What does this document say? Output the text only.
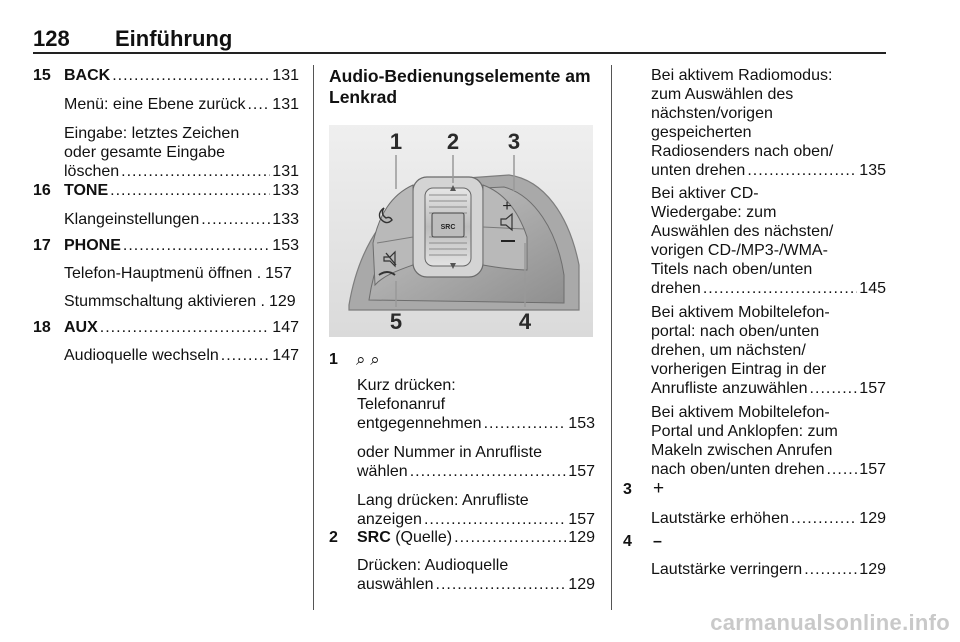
128 Einführung
15 BACK .....	131
Menü: eine Ebene zurück ..... 131
Eingabe: letztes Zeichen
oder gesamte Eingabe
löschen .....	131
16 TONE .....	133
Klangeinstellungen .....	133
17 PHONE .....	153
Telefon-Hauptmenü öffnen . 157
Stummschaltung aktivieren . 129
18 AUX .....	147
Audioquelle wechseln .....	147
Audio-Bedienungselemente am Lenkrad
SRC
+
1 2 3
4
5
1 ⌕ ⌕
Kurz drücken:
Telefonanruf
entgegennehmen .....	153
oder Nummer in Anrufliste
wählen .....	157
Lang drücken: Anrufliste
anzeigen .....	157
2 SRC (Quelle) .....	129
Drücken: Audioquelle
auswählen .....	129
Bei aktivem Radiomodus:
zum Auswählen des
nächsten/vorigen
gespeicherten
Radiosenders nach oben/
unten drehen .....	135
Bei aktiver CD-
Wiedergabe: zum
Auswählen des nächsten/
vorigen CD-/MP3-/WMA-
Titels nach oben/unten
drehen .....	145
Bei aktivem Mobiltelefon-
portal: nach oben/unten
drehen, um nächsten/
vorherigen Eintrag in der
Anrufliste anzuwählen .....	157
Bei aktivem Mobiltelefon-
Portal und Anklopfen: zum
Makeln zwischen Anrufen
nach oben/unten drehen ..... 157
3 +
Lautstärke erhöhen .....	129
4 –
Lautstärke verringern .....	129
carmanualsonline.info
